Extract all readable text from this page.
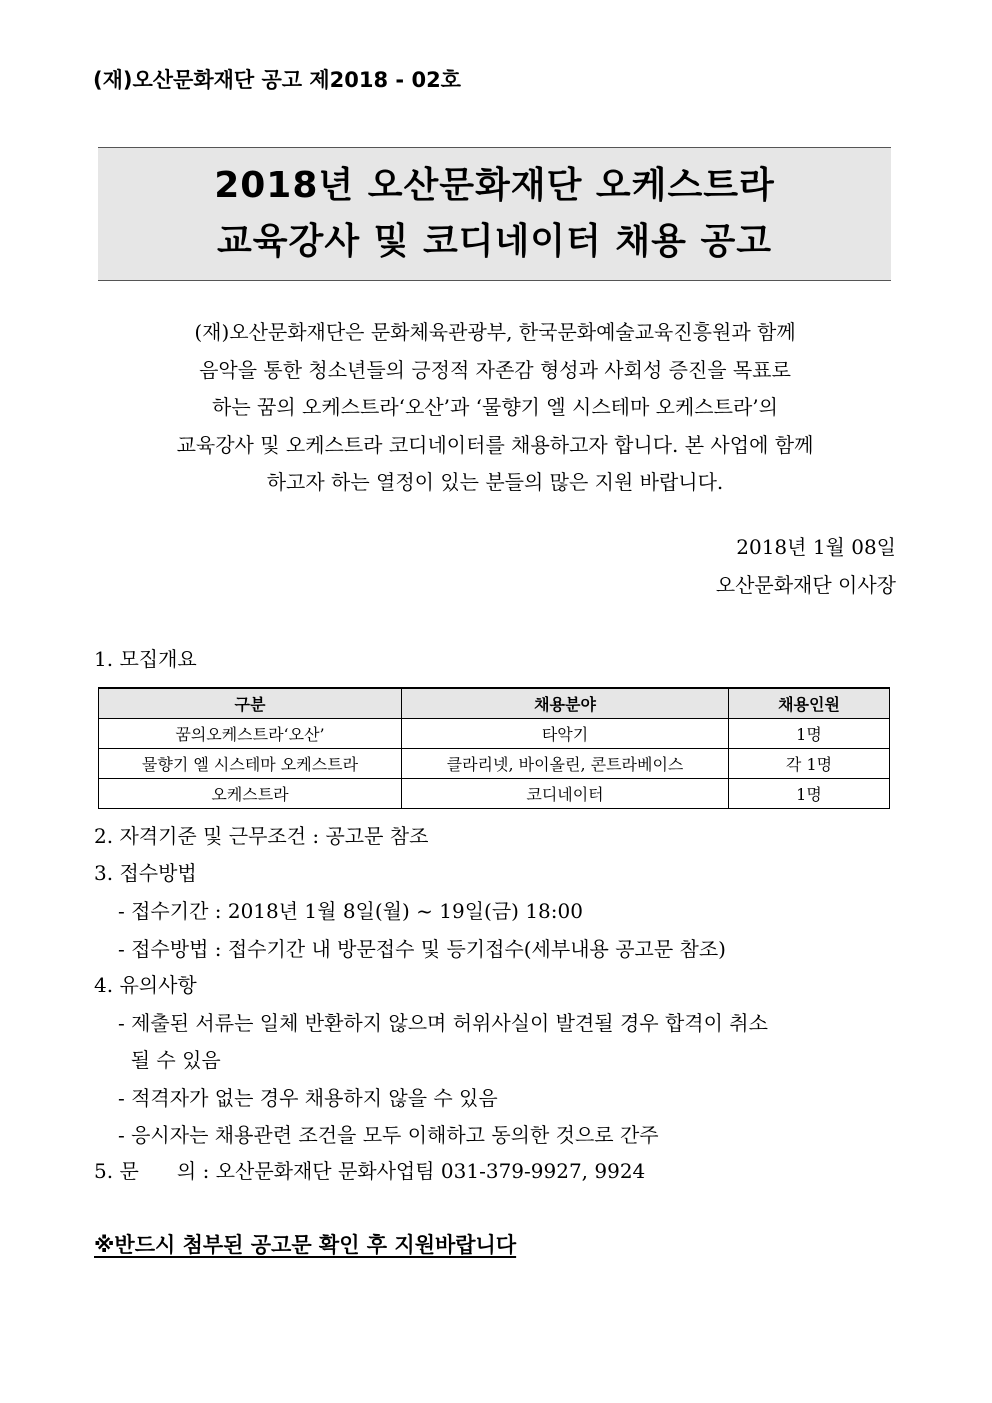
(재)오산문화재단 공고 제2018 - 02호
2018년 오산문화재단 오케스트라
교육강사 및 코디네이터 채용 공고
(재)오산문화재단은 문화체육관광부, 한국문화예술교육진흥원과 함께
음악을 통한 청소년들의 긍정적 자존감 형성과 사회성 증진을 목표로
하는 꿈의 오케스트라‘오산’과 ‘물향기 엘 시스테마 오케스트라’의
교육강사 및 오케스트라 코디네이터를 채용하고자 합니다. 본 사업에 함께
하고자 하는 열정이 있는 분들의 많은 지원 바랍니다.
2018년 1월 08일
오산문화재단 이사장
1. 모집개요
구분	채용분야	채용인원
꿈의오케스트라‘오산’	타악기	1명
물향기 엘 시스테마 오케스트라	클라리넷, 바이올린, 콘트라베이스	각 1명
오케스트라	코디네이터	1명
2. 자격기준 및 근무조건 : 공고문 참조
3. 접수방법
- 접수기간 : 2018년 1월 8일(월) ~ 19일(금) 18:00
- 접수방법 : 접수기간 내 방문접수 및 등기접수(세부내용 공고문 참조)
4. 유의사항
- 제출된 서류는 일체 반환하지 않으며 허위사실이 발견될 경우 합격이 취소
될 수 있음
- 적격자가 없는 경우 채용하지 않을 수 있음
- 응시자는 채용관련 조건을 모두 이해하고 동의한 것으로 간주
5. 문      의 : 오산문화재단 문화사업팀 031-379-9927, 9924
※반드시 첨부된 공고문 확인 후 지원바랍니다
